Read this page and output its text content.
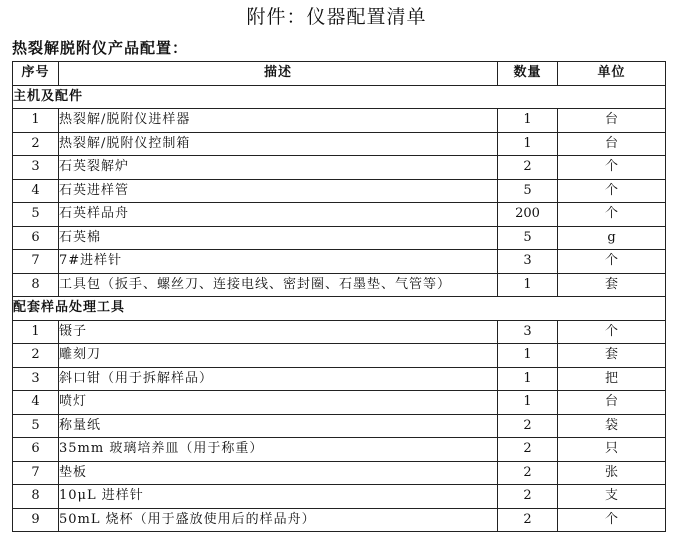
附件：仪器配置清单
热裂解脱附仪产品配置：
序号	描述	数量	单位
主机及配件			
1	热裂解/脱附仪进样器	1	台
2	热裂解/脱附仪控制箱	1	台
3	石英裂解炉	2	个
4	石英进样管	5	个
5	石英样品舟	200	个
6	石英棉	5	g
7	7#进样针	3	个
8	工具包（扳手、螺丝刀、连接电线、密封圈、石墨垫、气管等）	1	套
配套样品处理工具			
1	镊子	3	个
2	雕刻刀	1	套
3	斜口钳（用于拆解样品）	1	把
4	喷灯	1	台
5	称量纸	2	袋
6	35mm 玻璃培养皿（用于称重）	2	只
7	垫板	2	张
8	10μL 进样针	2	支
9	50mL 烧杯（用于盛放使用后的样品舟）	2	个
